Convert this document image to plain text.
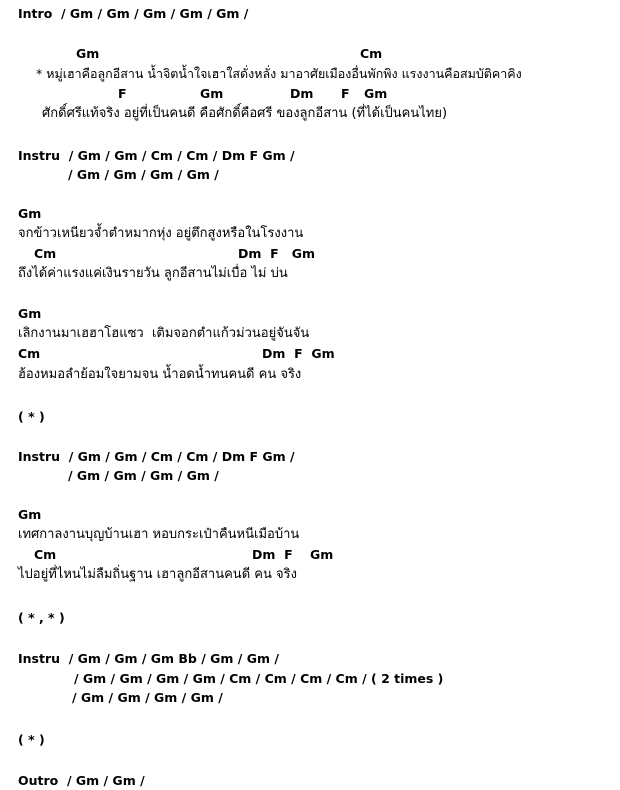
Intro  / Gm / Gm / Gm / Gm / Gm /
Gm	Cm
* หมู่เฮาคือลูกอีสาน น้ำจิตน้ำใจเฮาใสดั่งหลั่ง มาอาศัยเมืองอื่นพักพิง แรงงานคือสมบัติคาคิง
F	Gm	Dm F Gm
ศักดิ์ศรีแท้จริง อยู่ที่เป็นคนดี คือศักดิ์คือศรี ของลูกอีสาน (ที่ได้เป็นคนไทย)
Instru  / Gm / Gm / Cm / Cm / Dm F Gm /
/ Gm / Gm / Gm / Gm /
Gm
จกข้าวเหนียวจ้ำตำหมากหุ่ง อยู่ตึกสูงหรือในโรงงาน
Cm	Dm  F   Gm
ถึงได้ค่าแรงแค่เงินรายวัน ลูกอีสานไม่เบื่อ ไม่ บ่น
Gm
เลิกงานมาเฮฮาโฮแซว  เติมจอกตำแก้วม่วนอยู่จันจัน
Cm	Dm  F  Gm
ฮ้องหมอลำย้อมใจยามจน น้ำอดน้ำทนคนดี คน จริง
( * )
Instru  / Gm / Gm / Cm / Cm / Dm F Gm /
/ Gm / Gm / Gm / Gm /
Gm
เทศกาลงานบุญบ้านเฮา หอบกระเป๋าคืนหนีเมือบ้าน
Cm	Dm  F    Gm
ไปอยู่ที่ไหนไม่ลืมถิ่นฐาน เฮาลูกอีสานคนดี คน จริง
( * , * )
Instru  / Gm / Gm / Gm Bb / Gm / Gm /
/ Gm / Gm / Gm / Gm / Cm / Cm / Cm / Cm / ( 2 times )
/ Gm / Gm / Gm / Gm /
( * )
Outro  / Gm / Gm /
